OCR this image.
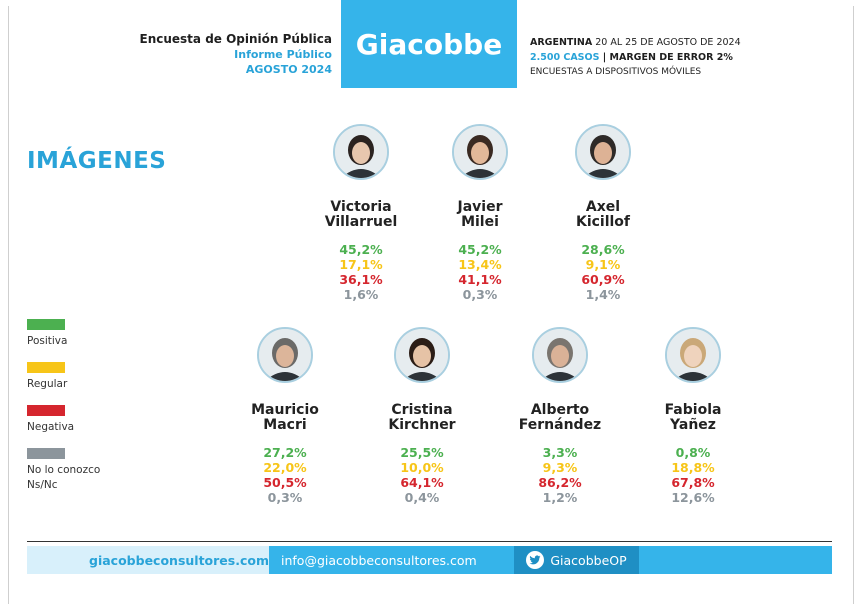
Encuesta de Opinión Pública
Informe Público
AGOSTO 2024
Giacobbe	ARGENTINA 20 AL 25 DE AGOSTO DE 2024
2.500 CASOS | MARGEN DE ERROR 2%
ENCUESTAS A DISPOSITIVOS MÓVILES
IMÁGENES
Positiva
Regular
Negativa
No lo conozco
Ns/Nc
Victoria
Villarruel
45,2%
17,1%
36,1%
1,6%
Javier
Milei
45,2%
13,4%
41,1%
0,3%
Axel
Kicillof
28,6%
9,1%
60,9%
1,4%
Mauricio
Macri
27,2%
22,0%
50,5%
0,3%
Cristina
Kirchner
25,5%
10,0%
64,1%
0,4%
Alberto
Fernández
3,3%
9,3%
86,2%
1,2%
Fabiola
Yañez
0,8%
18,8%
67,8%
12,6%
giacobbeconsultores.com info@giacobbeconsultores.com	GiacobbeOP
